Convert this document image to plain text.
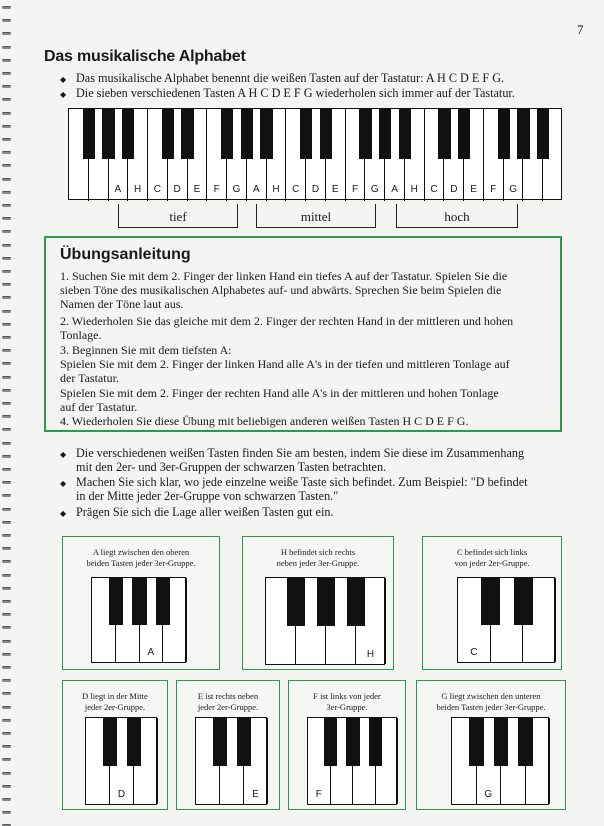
7
Das musikalische Alphabet
◆ Das musikalische Alphabet benennt die weißen Tasten auf der Tastatur: A H C D E F G.
◆ Die sieben verschiedenen Tasten A H C D E F G wiederholen sich immer auf der Tastatur.
A	H	C	D	E	F	G	A	H	C	D	E	F	G	A	H	C	D	E	F	G
tief	mittel	hoch
Übungsanleitung
1. Suchen Sie mit dem 2. Finger der linken Hand ein tiefes A auf der Tastatur. Spielen Sie die
sieben Töne des musikalischen Alphabetes auf- und abwärts. Sprechen Sie beim Spielen die
Namen der Töne laut aus.
2. Wiederholen Sie das gleiche mit dem 2. Finger der rechten Hand in der mittleren und hohen
Tonlage.
3. Beginnen Sie mit dem tiefsten A:
Spielen Sie mit dem 2. Finger der linken Hand alle A's in der tiefen und mittleren Tonlage auf
der Tastatur.
Spielen Sie mit dem 2. Finger der rechten Hand alle A's in der mittleren und hohen Tonlage
auf der Tastatur.
4. Wiederholen Sie diese Übung mit beliebigen anderen weißen Tasten H C D E F G.
◆ Die verschiedenen weißen Tasten finden Sie am besten, indem Sie diese im Zusammenhang
mit den 2er- und 3er-Gruppen der schwarzen Tasten betrachten.
◆ Machen Sie sich klar, wo jede einzelne weiße Taste sich befindet. Zum Beispiel: "D befindet
in der Mitte jeder 2er-Gruppe von schwarzen Tasten."
◆ Prägen Sie sich die Lage aller weißen Tasten gut ein.
A liegt zwischen den oberen
beiden Tasten jeder 3er-Gruppe.
A
H befindet sich rechts
neben jeder 3er-Gruppe.
H
C befindet sich links
von jeder 2er-Gruppe.
C
D liegt in der Mitte
jeder 2er-Gruppe.
D
E ist rechts neben
jeder 2er-Gruppe.
E
F ist links von jeder
3er-Gruppe.
F
G liegt zwischen den unteren
beiden Tasten jeder 3er-Gruppe.
G
